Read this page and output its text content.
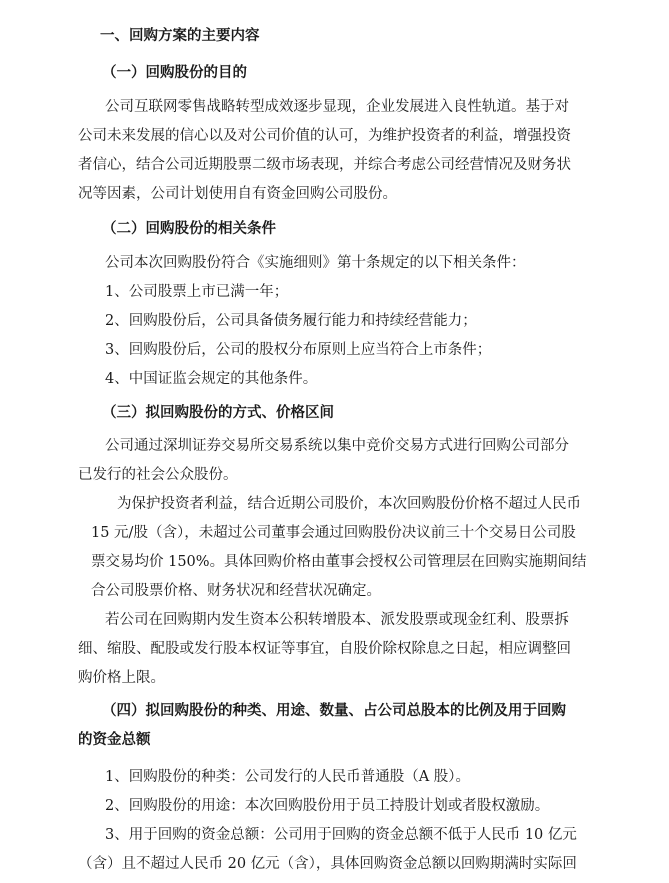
一、回购方案的主要内容
（一）回购股份的目的

公司互联网零售战略转型成效逐步显现，企业发展进入良性轨道。基于对

公司未来发展的信心以及对公司价值的认可，为维护投资者的利益，增强投资

者信心，结合公司近期股票二级市场表现，并综合考虑公司经营情况及财务状

况等因素，公司计划使用自有资金回购公司股份。

（二）回购股份的相关条件

公司本次回购股份符合《实施细则》第十条规定的以下相关条件：

1、公司股票上市已满一年；

2、回购股份后，公司具备债务履行能力和持续经营能力；

3、回购股份后，公司的股权分布原则上应当符合上市条件；

4、中国证监会规定的其他条件。

（三）拟回购股份的方式、价格区间

公司通过深圳证券交易所交易系统以集中竞价交易方式进行回购公司部分

已发行的社会公众股份。

为保护投资者利益，结合近期公司股价，本次回购股份价格不超过人民币

15 元/股（含），未超过公司董事会通过回购股份决议前三十个交易日公司股

票交易均价 150%。具体回购价格由董事会授权公司管理层在回购实施期间结

合公司股票价格、财务状况和经营状况确定。

若公司在回购期内发生资本公积转增股本、派发股票或现金红利、股票拆

细、缩股、配股或发行股本权证等事宜，自股价除权除息之日起，相应调整回

购价格上限。

（四）拟回购股份的种类、用途、数量、占公司总股本的比例及用于回购
的资金总额

1、回购股份的种类：公司发行的人民币普通股（A 股）。

2、回购股份的用途：本次回购股份用于员工持股计划或者股权激励。

3、用于回购的资金总额：公司用于回购的资金总额不低于人民币 10 亿元

（含）且不超过人民币 20 亿元（含），具体回购资金总额以回购期满时实际回
